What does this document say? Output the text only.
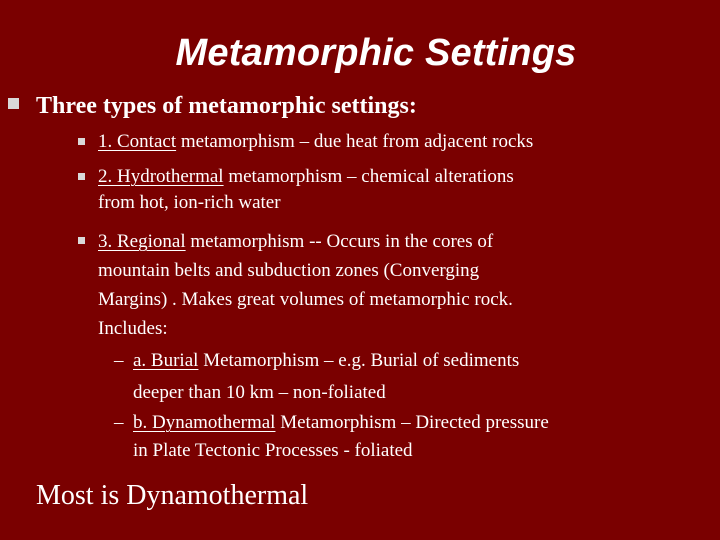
Metamorphic Settings
Three types of metamorphic settings:
1. Contact metamorphism – due heat from adjacent rocks
2. Hydrothermal metamorphism – chemical alterations
from hot, ion-rich water
3. Regional metamorphism -- Occurs in the cores of
mountain belts and subduction zones (Converging
Margins) . Makes great volumes of metamorphic rock.
Includes:
– a. Burial Metamorphism – e.g. Burial of sediments
deeper than 10 km – non-foliated
– b. Dynamothermal Metamorphism – Directed pressure
in Plate Tectonic Processes - foliated
Most is Dynamothermal
